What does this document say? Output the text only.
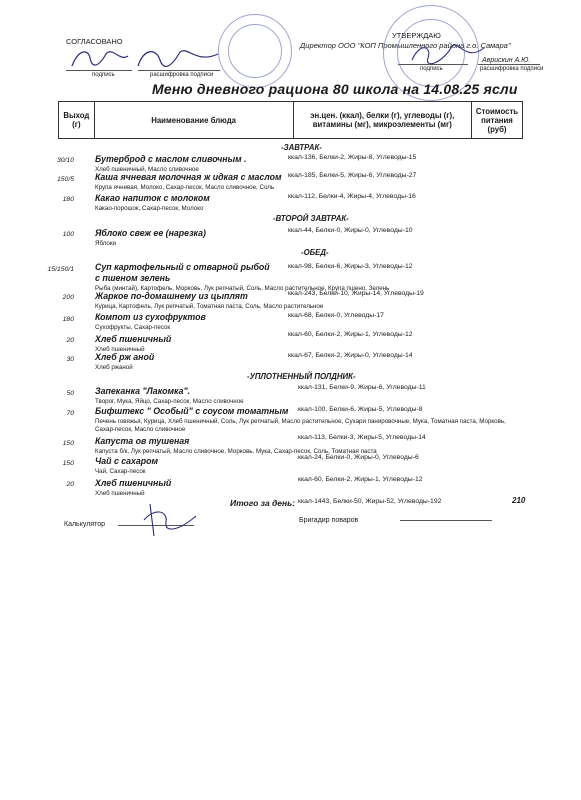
СОГЛАСОВАНО
УТВЕРЖДАЮ
Директор ООО "КОП Промышленного района г.о. Самара"
подпись	расшифровка подписи
подпись
Аврискин А.Ю.
расшифровка подписи
Меню дневного рациона 80 школа на 14.08.25 ясли
Выход (г)	Наименование блюда	эн.цен. (ккал), белки (г), углеводы (г), витамины (мг), микроэлементы (мг)	Стоимость питания (руб)
-ЗАВТРАК-
-ВТОРОЙ ЗАВТРАК-
-ОБЕД-
-УПЛОТНЕННЫЙ ПОЛДНИК-
30/10 Бутерброд с маслом сливочным .
Хлеб пшеничный, Масло сливочное
ккал-136, Белки-2, Жиры-8, Углеводы-15
150/5 Каша ячневая молочная ж идкая с маслом
Крупа ячневая, Молоко, Сахар-песок, Масло сливочное, Соль
ккал-185, Белки-5, Жиры-6, Углеводы-27
180 Какао напиток с молоком
Какао-порошок, Сахар-песок, Молоко
ккал-112, Белки-4, Жиры-4, Углеводы-16
100 Яблоко свеж ее (нарезка)
Яблоки
ккал-44, Белки-0, Жиры-0, Углеводы-10
15/150/1 Суп картофельный с отварной рыбой с пшеном зелень
Рыба (минтай), Картофель, Морковь, Лук репчатый, Соль, Масло растительное, Крупа пшено, Зелень
ккал-98, Белки-6, Жиры-3, Углеводы-12
200 Жаркое по-домашнему из цыплят
Курица, Картофель, Лук репчатый, Томатная паста, Соль, Масло растительное
ккал-243, Белки-10, Жиры-14, Углеводы-19
180 Компот из сухофруктов
Сухофрукты, Сахар-песок
ккал-68, Белки-0, Углеводы-17
20 Хлеб пшеничный
Хлеб пшеничный
ккал-60, Белки-2, Жиры-1, Углеводы-12
30 Хлеб рж аной
Хлеб ржаной
ккал-67, Белки-2, Жиры-0, Углеводы-14
50 Запеканка "Лакомка".
Творог, Мука, Яйцо, Сахар-песок, Масло сливочное
ккал-131, Белки-9, Жиры-6, Углеводы-11
70 Бифштекс " Особый" с соусом томатным
Печень говяжья, Курица, Хлеб пшеничный, Соль, Лук репчатый, Масло растительное, Сухари панировочные, Мука, Томатная паста, Морковь, Сахар-песок, Масло сливочное
ккал-100, Белки-6, Жиры-5, Углеводы-8
150 Капуста ов тушеная
Капуста б/к, Лук репчатый, Масло сливочное, Морковь, Мука, Сахар-песок, Соль, Томатная паста
ккал-113, Белки-3, Жиры-5, Углеводы-14
150 Чай с сахаром
Чай, Сахар-песок
ккал-24, Белки-0, Жиры-0, Углеводы-6
20 Хлеб пшеничный
Хлеб пшеничный
ккал-60, Белки-2, Жиры-1, Углеводы-12
Итого за день: ккал-1443, Белки-50, Жиры-52, Углеводы-192	210
Калькулятор
Бригадир поваров
